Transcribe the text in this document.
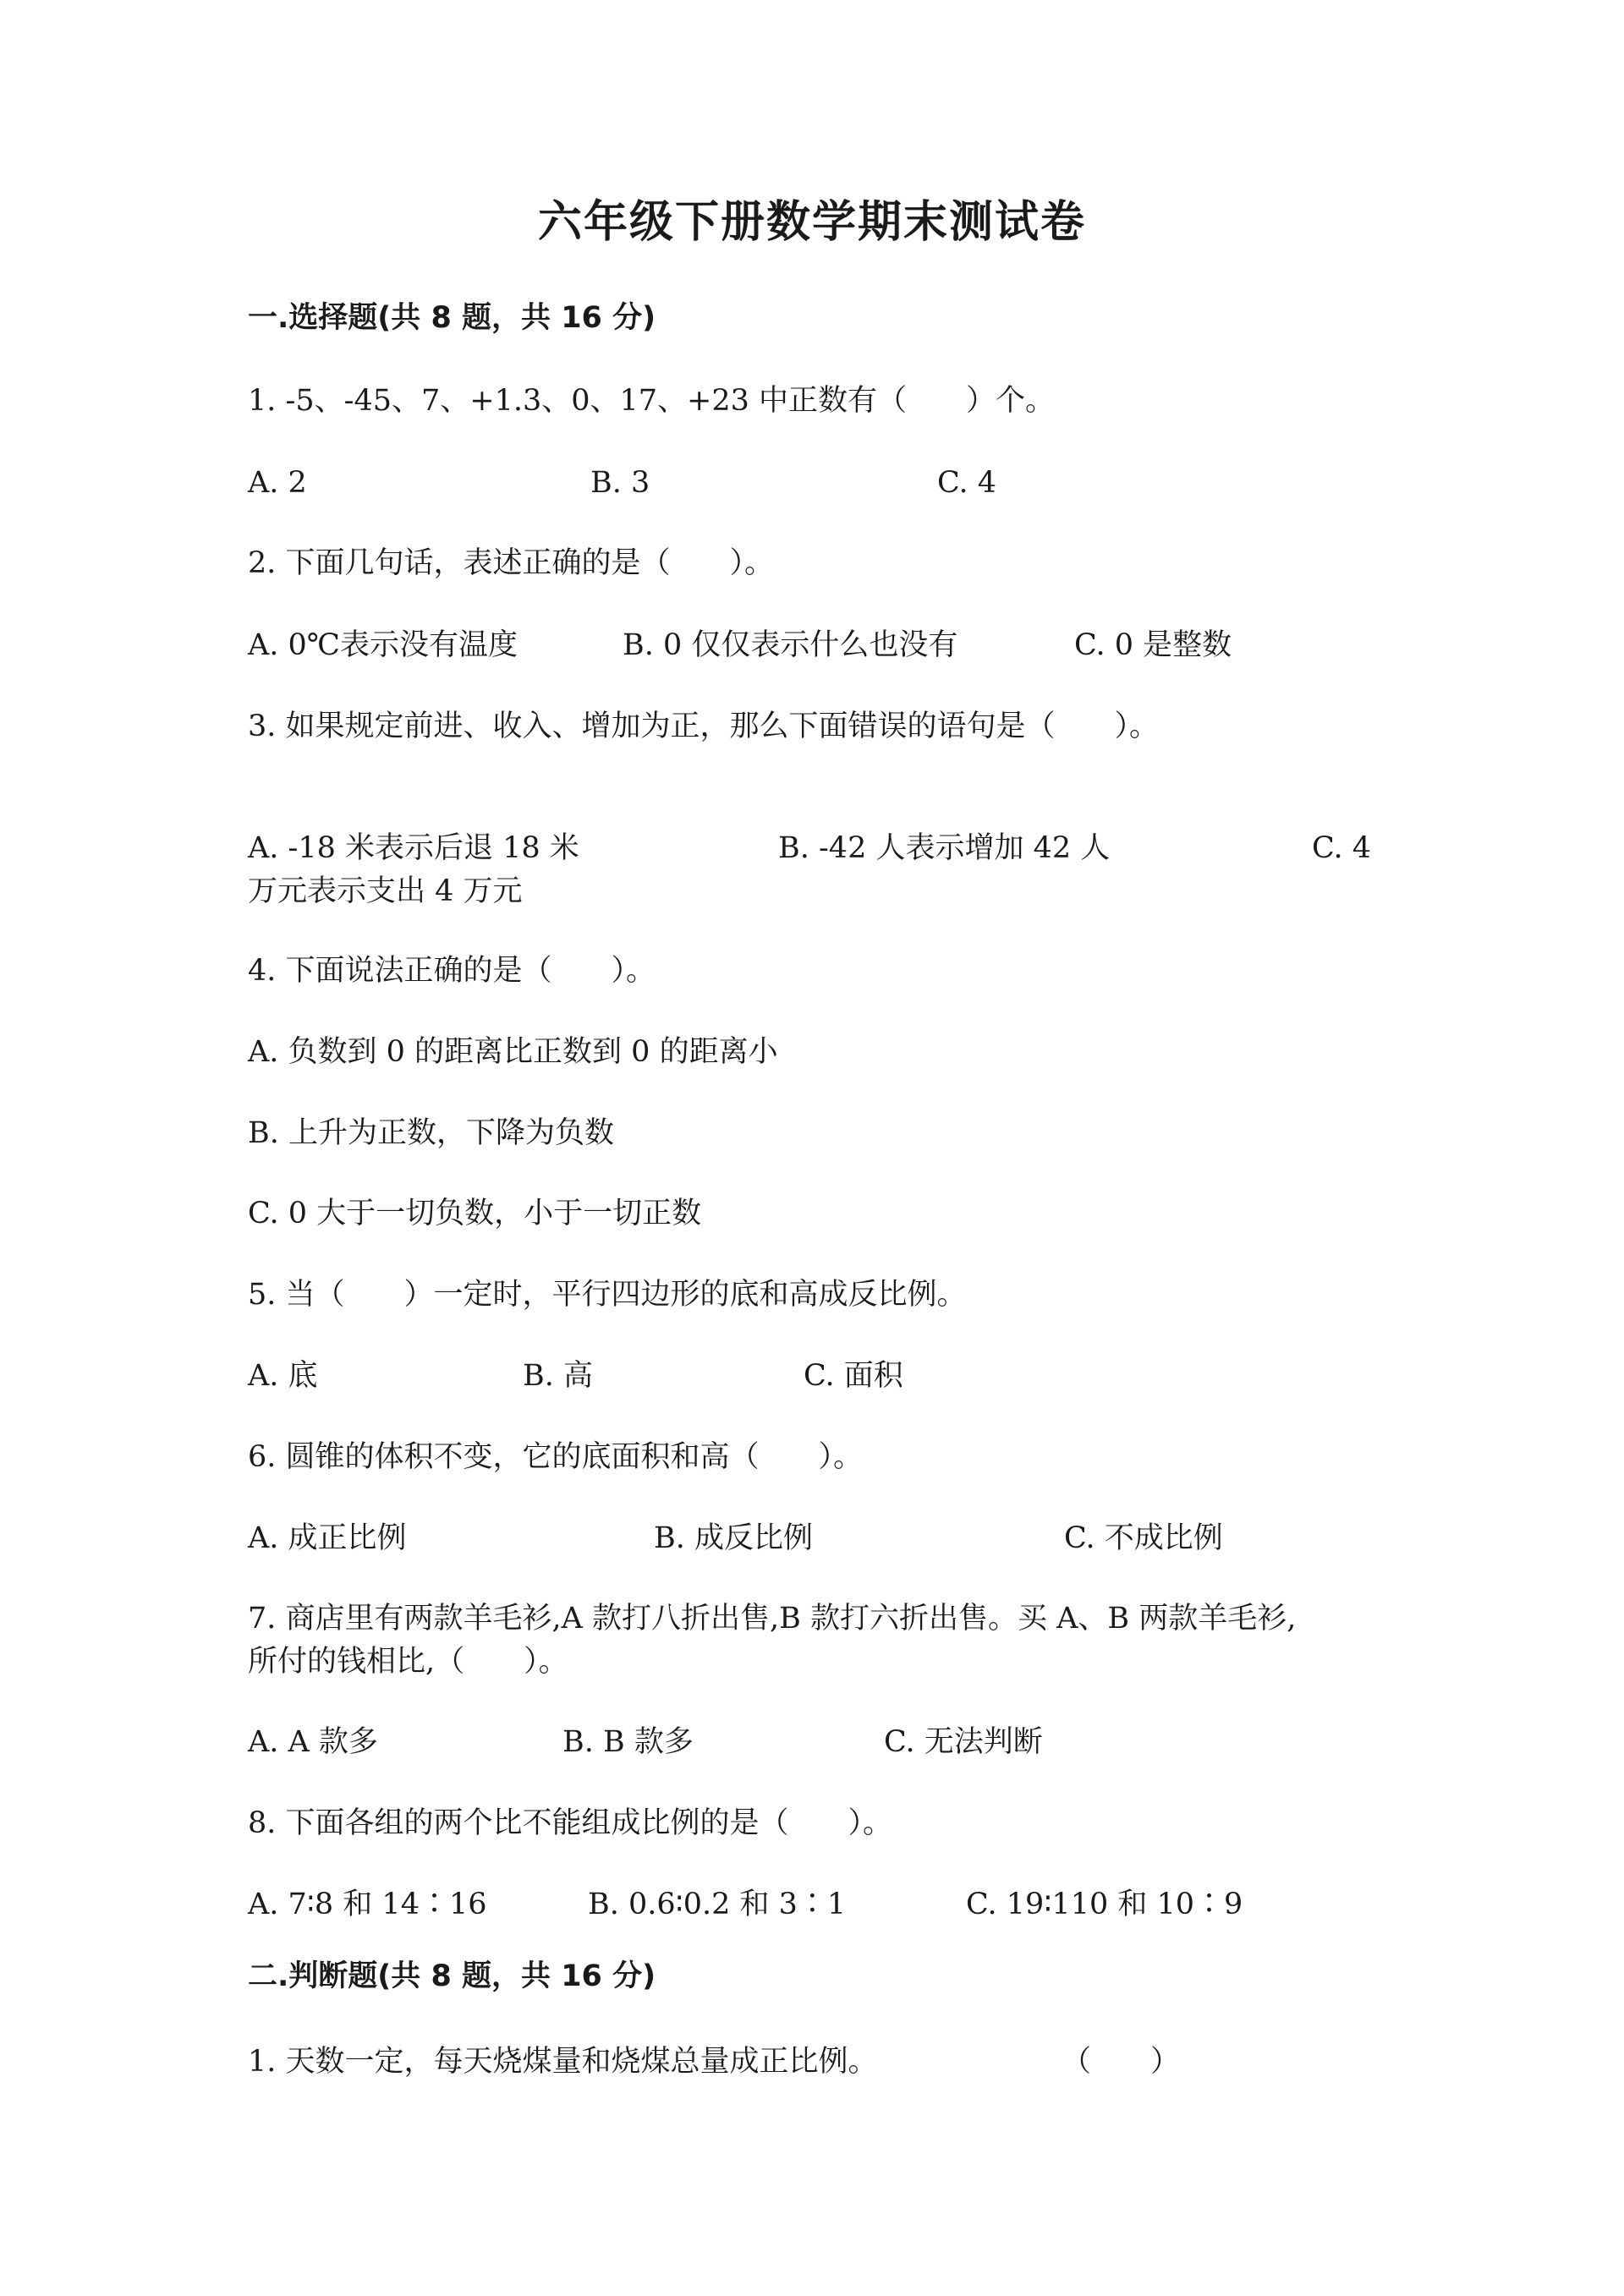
六年级下册数学期末测试卷
一.选择题(共 8 题，共 16 分)
1. -5、-45、7、+1.3、0、17、+23 中正数有（　　）个。
A. 2	B. 3	C. 4
2. 下面几句话，表述正确的是（　　）。
A. 0℃表示没有温度	B. 0 仅仅表示什么也没有	C. 0 是整数
3. 如果规定前进、收入、增加为正，那么下面错误的语句是（　　）。
A. -18 米表示后退 18 米	B. -42 人表示增加 42 人	C. 4
万元表示支出 4 万元
4. 下面说法正确的是（　　）。
A. 负数到 0 的距离比正数到 0 的距离小
B. 上升为正数，下降为负数
C. 0 大于一切负数，小于一切正数
5. 当（　　）一定时，平行四边形的底和高成反比例。
A. 底	B. 高	C. 面积
6. 圆锥的体积不变，它的底面积和高（　　）。
A. 成正比例	B. 成反比例	C. 不成比例
7. 商店里有两款羊毛衫,A 款打八折出售,B 款打六折出售。买 A、B 两款羊毛衫,
所付的钱相比,（　　）。
A. A 款多	B. B 款多	C. 无法判断
8. 下面各组的两个比不能组成比例的是（　　）。
A. 7∶8 和 14∶16	B. 0.6∶0.2 和 3∶1	C. 19∶110 和 10∶9
二.判断题(共 8 题，共 16 分)
1. 天数一定，每天烧煤量和烧煤总量成正比例。	（　　）
